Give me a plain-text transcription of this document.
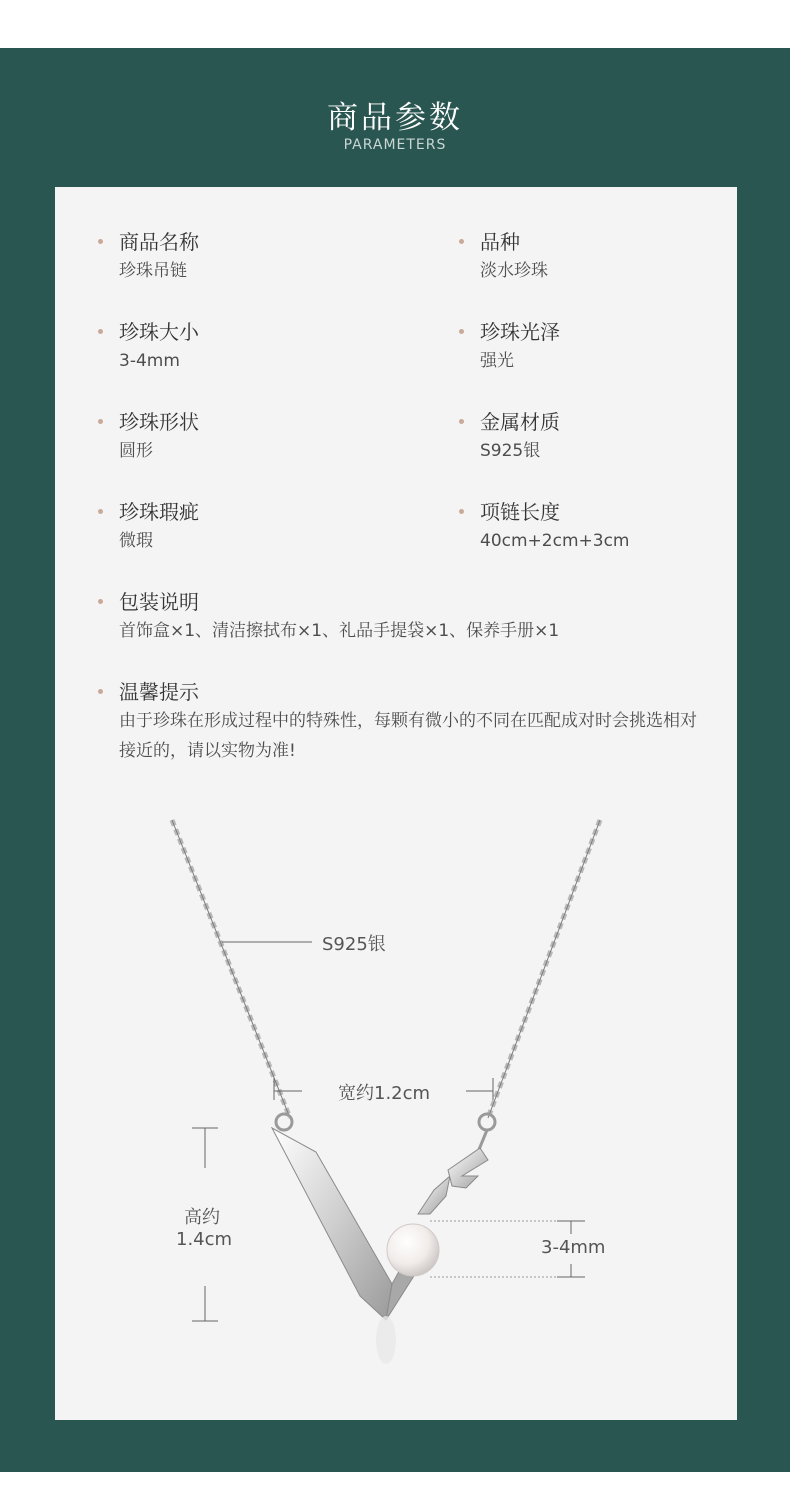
商品参数
PARAMETERS
商品名称
珍珠吊链
品种
淡水珍珠
珍珠大小
3-4mm
珍珠光泽
强光
珍珠形状
圆形
金属材质
S925银
珍珠瑕疵
微瑕
项链长度
40cm+2cm+3cm
包装说明
首饰盒×1、清洁擦拭布×1、礼品手提袋×1、保养手册×1
温馨提示
由于珍珠在形成过程中的特殊性，每颗有微小的不同在匹配成对时会挑选相对接近的，请以实物为准!
S925银
宽约1.2cm
高约
1.4cm	3-4mm
